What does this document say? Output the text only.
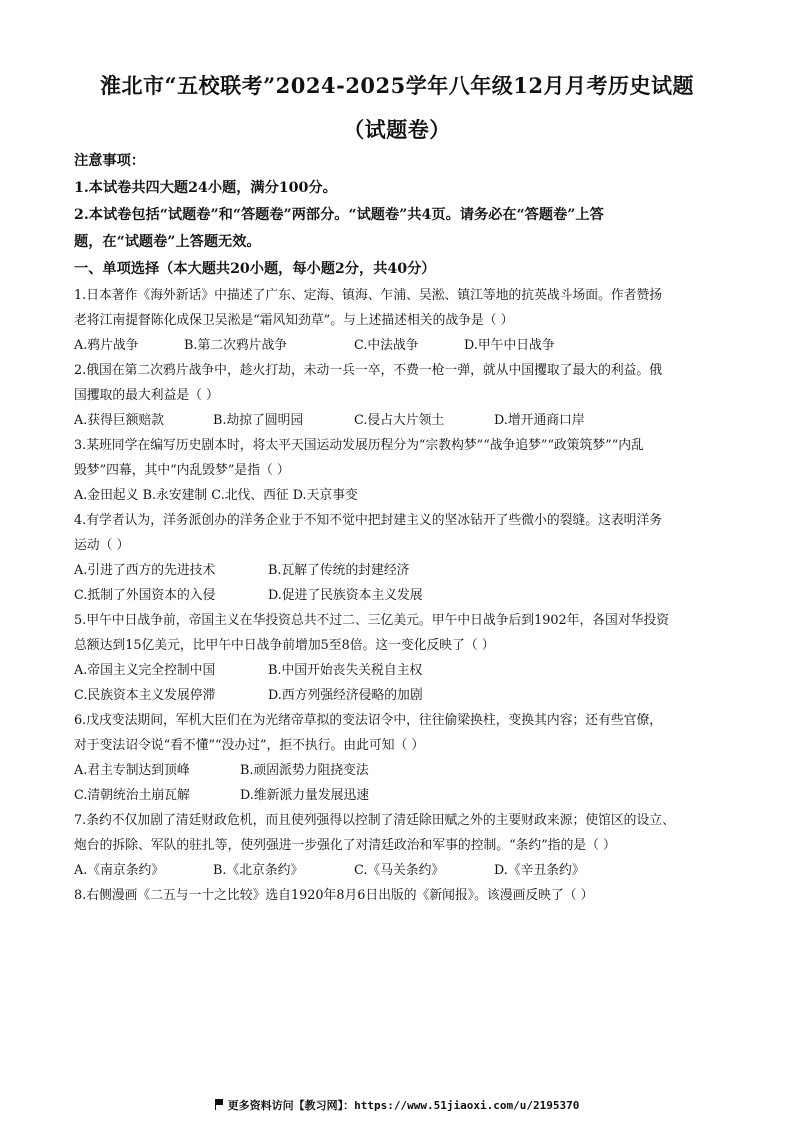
淮北市“五校联考”2024-2025学年八年级12月月考历史试题
（试题卷）
注意事项：
1.本试卷共四大题24小题，满分100分。
2.本试卷包括“试题卷”和“答题卷”两部分。“试题卷”共4页。请务必在“答题卷”上答
题，在“试题卷”上答题无效。
一、单项选择（本大题共20小题，每小题2分，共40分）
1.日本著作《海外新话》中描述了广东、定海、镇海、乍浦、吴淞、镇江等地的抗英战斗场面。作者赞扬
老将江南提督陈化成保卫吴淞是“霜风知劲草”。与上述描述相关的战争是（ ）
A.鸦片战争	B.第二次鸦片战争	C.中法战争	D.甲午中日战争
2.俄国在第二次鸦片战争中，趁火打劫，未动一兵一卒，不费一枪一弹，就从中国攫取了最大的利益。俄
国攫取的最大利益是（ ）
A.获得巨额赔款	B.劫掠了圆明园	C.侵占大片领土	D.增开通商口岸
3.某班同学在编写历史剧本时，将太平天国运动发展历程分为“宗教构梦”“战争追梦”“政策筑梦”“内乱
毁梦”四幕，其中“内乱毁梦”是指（ ）
A.金田起义 B.永安建制 C.北伐、西征 D.天京事变
4.有学者认为，洋务派创办的洋务企业于不知不觉中把封建主义的坚冰钻开了些微小的裂缝。这表明洋务
运动（ ）
A.引进了西方的先进技术	B.瓦解了传统的封建经济
C.抵制了外国资本的入侵	D.促进了民族资本主义发展
5.甲午中日战争前，帝国主义在华投资总共不过二、三亿美元。甲午中日战争后到1902年，各国对华投资
总额达到15亿美元，比甲午中日战争前增加5至8倍。这一变化反映了（ ）
A.帝国主义完全控制中国	B.中国开始丧失关税自主权
C.民族资本主义发展停滞	D.西方列强经济侵略的加剧
6.戊戌变法期间，军机大臣们在为光绪帝草拟的变法诏令中，往往偷梁换柱，变换其内容；还有些官僚，
对于变法诏令说“看不懂”“没办过”，拒不执行。由此可知（ ）
A.君主专制达到顶峰	B.顽固派势力阻挠变法
C.清朝统治土崩瓦解	D.维新派力量发展迅速
7.条约不仅加剧了清廷财政危机，而且使列强得以控制了清廷除田赋之外的主要财政来源；使馆区的设立、
炮台的拆除、军队的驻扎等，使列强进一步强化了对清廷政治和军事的控制。“条约”指的是（ ）
A.《南京条约》	B.《北京条约》	C.《马关条约》	D.《辛丑条约》
8.右侧漫画《二五与一十之比较》选自1920年8月6日出版的《新闻报》。该漫画反映了（ ）
更多资料访问【教习网】：https://www.51jiaoxi.com/u/2195370
